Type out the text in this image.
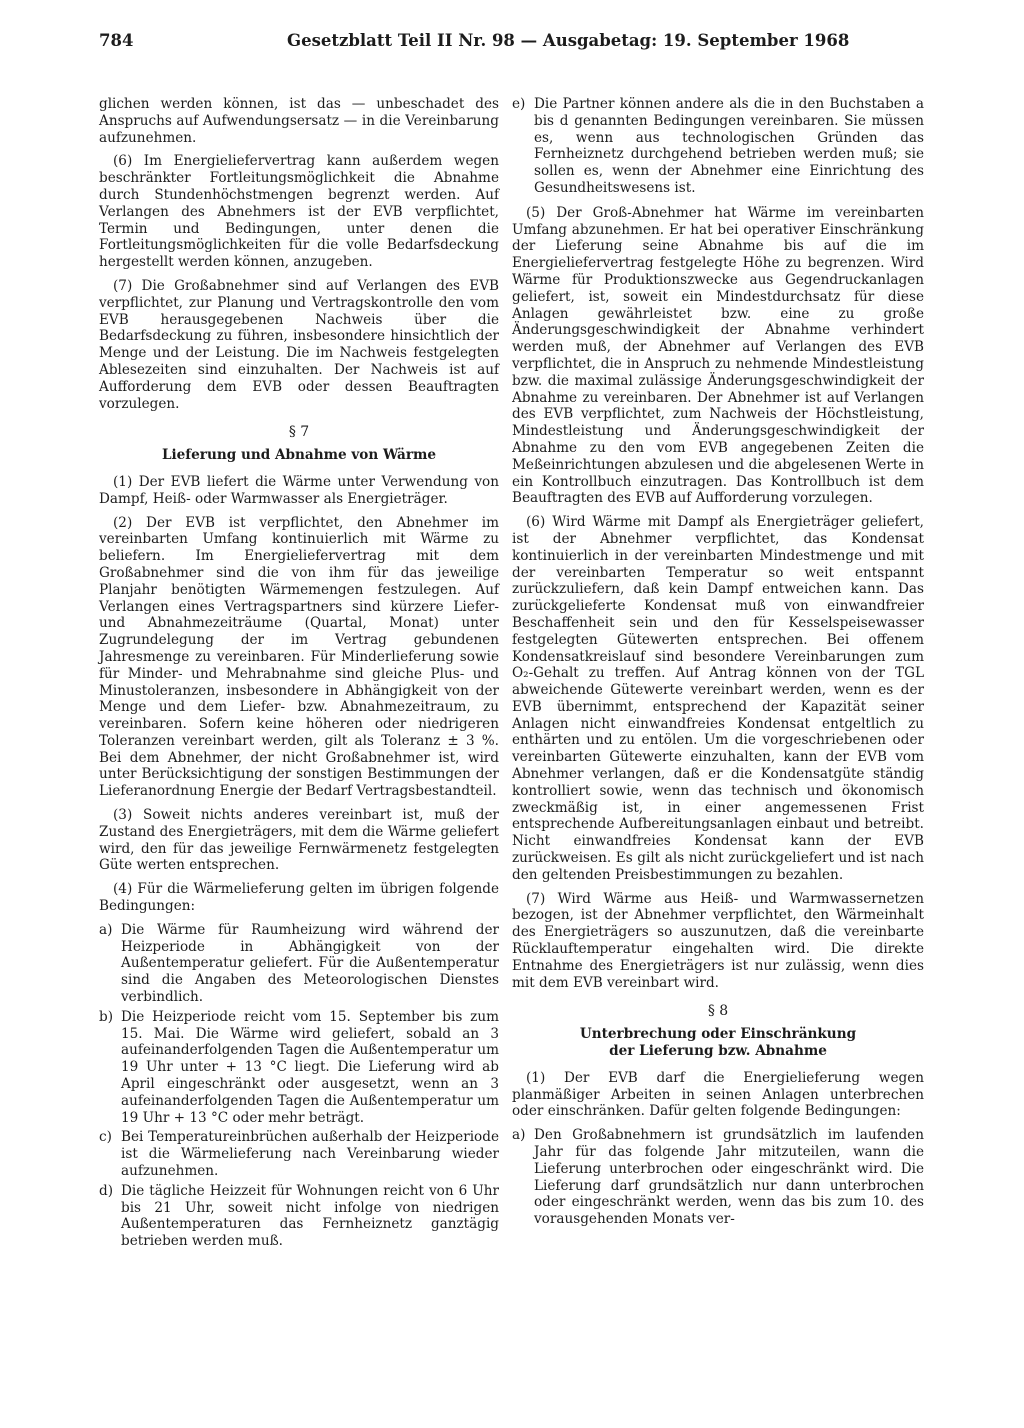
784	Gesetzblatt Teil II Nr. 98 — Ausgabetag: 19. September 1968

glichen werden können, ist das — unbeschadet des Anspruchs auf Aufwendungsersatz — in die Vereinbarung aufzunehmen.

(6) Im Energieliefervertrag kann außerdem wegen beschränkter Fortleitungsmöglichkeit die Abnahme durch Stundenhöchstmengen begrenzt werden. Auf Verlangen des Abnehmers ist der EVB verpflichtet, Termin und Bedingungen, unter denen die Fortleitungsmöglichkeiten für die volle Bedarfsdeckung hergestellt werden können, anzugeben.

(7) Die Großabnehmer sind auf Verlangen des EVB verpflichtet, zur Planung und Vertragskontrolle den vom EVB herausgegebenen Nachweis über die Bedarfsdeckung zu führen, insbesondere hinsichtlich der Menge und der Leistung. Die im Nachweis festgelegten Ablesezeiten sind einzuhalten. Der Nachweis ist auf Aufforderung dem EVB oder dessen Beauftragten vorzulegen.

§ 7
Lieferung und Abnahme von Wärme

(1) Der EVB liefert die Wärme unter Verwendung von Dampf, Heiß- oder Warmwasser als Energieträger.

(2) Der EVB ist verpflichtet, den Abnehmer im vereinbarten Umfang kontinuierlich mit Wärme zu beliefern. Im Energieliefervertrag mit dem Großabnehmer sind die von ihm für das jeweilige Planjahr benötigten Wärmemengen festzulegen. Auf Verlangen eines Vertragspartners sind kürzere Liefer- und Abnahmezeiträume (Quartal, Monat) unter Zugrundelegung der im Vertrag gebundenen Jahresmenge zu vereinbaren. Für Minderlieferung sowie für Minder- und Mehrabnahme sind gleiche Plus- und Minustoleranzen, insbesondere in Abhängigkeit von der Menge und dem Liefer- bzw. Abnahmezeitraum, zu vereinbaren. Sofern keine höheren oder niedrigeren Toleranzen vereinbart werden, gilt als Toleranz ± 3 %. Bei dem Abnehmer, der nicht Großabnehmer ist, wird unter Berücksichtigung der sonstigen Bestimmungen der Lieferanordnung Energie der Bedarf Vertragsbestandteil.

(3) Soweit nichts anderes vereinbart ist, muß der Zustand des Energieträgers, mit dem die Wärme geliefert wird, den für das jeweilige Fernwärmenetz festgelegten Güte werten entsprechen.

(4) Für die Wärmelieferung gelten im übrigen folgende Bedingungen:

a) Die Wärme für Raumheizung wird während der Heizperiode in Abhängigkeit von der Außentemperatur geliefert. Für die Außentemperatur sind die Angaben des Meteorologischen Dienstes verbindlich.
b) Die Heizperiode reicht vom 15. September bis zum 15. Mai. Die Wärme wird geliefert, sobald an 3 aufeinanderfolgenden Tagen die Außentemperatur um 19 Uhr unter + 13 °C liegt. Die Lieferung wird ab April eingeschränkt oder ausgesetzt, wenn an 3 aufeinanderfolgenden Tagen die Außentemperatur um 19 Uhr + 13 °C oder mehr beträgt.
c) Bei Temperatureinbrüchen außerhalb der Heizperiode ist die Wärmelieferung nach Vereinbarung wieder aufzunehmen.
d) Die tägliche Heizzeit für Wohnungen reicht von 6 Uhr bis 21 Uhr, soweit nicht infolge von niedrigen Außentemperaturen das Fernheiznetz ganztägig betrieben werden muß.
e) Die Partner können andere als die in den Buchstaben a bis d genannten Bedingungen vereinbaren. Sie müssen es, wenn aus technologischen Gründen das Fernheiznetz durchgehend betrieben werden muß; sie sollen es, wenn der Abnehmer eine Einrichtung des Gesundheitswesens ist.

(5) Der Groß-Abnehmer hat Wärme im vereinbarten Umfang abzunehmen. Er hat bei operativer Einschränkung der Lieferung seine Abnahme bis auf die im Energieliefervertrag festgelegte Höhe zu begrenzen. Wird Wärme für Produktionszwecke aus Gegendruckanlagen geliefert, ist, soweit ein Mindestdurchsatz für diese Anlagen gewährleistet bzw. eine zu große Änderungsgeschwindigkeit der Abnahme verhindert werden muß, der Abnehmer auf Verlangen des EVB verpflichtet, die in Anspruch zu nehmende Mindestleistung bzw. die maximal zulässige Änderungsgeschwindigkeit der Abnahme zu vereinbaren. Der Abnehmer ist auf Verlangen des EVB verpflichtet, zum Nachweis der Höchstleistung, Mindestleistung und Änderungsgeschwindigkeit der Abnahme zu den vom EVB angegebenen Zeiten die Meßeinrichtungen abzulesen und die abgelesenen Werte in ein Kontrollbuch einzutragen. Das Kontrollbuch ist dem Beauftragten des EVB auf Aufforderung vorzulegen.

(6) Wird Wärme mit Dampf als Energieträger geliefert, ist der Abnehmer verpflichtet, das Kondensat kontinuierlich in der vereinbarten Mindestmenge und mit der vereinbarten Temperatur so weit entspannt zurückzuliefern, daß kein Dampf entweichen kann. Das zurückgelieferte Kondensat muß von einwandfreier Beschaffenheit sein und den für Kesselspeisewasser festgelegten Gütewerten entsprechen. Bei offenem Kondensatkreislauf sind besondere Vereinbarungen zum O₂-Gehalt zu treffen. Auf Antrag können von der TGL abweichende Gütewerte vereinbart werden, wenn es der EVB übernimmt, entsprechend der Kapazität seiner Anlagen nicht einwandfreies Kondensat entgeltlich zu enthärten und zu entölen. Um die vorgeschriebenen oder vereinbarten Gütewerte einzuhalten, kann der EVB vom Abnehmer verlangen, daß er die Kondensatgüte ständig kontrolliert sowie, wenn das technisch und ökonomisch zweckmäßig ist, in einer angemessenen Frist entsprechende Aufbereitungsanlagen einbaut und betreibt. Nicht einwandfreies Kondensat kann der EVB zurückweisen. Es gilt als nicht zurückgeliefert und ist nach den geltenden Preisbestimmungen zu bezahlen.

(7) Wird Wärme aus Heiß- und Warmwassernetzen bezogen, ist der Abnehmer verpflichtet, den Wärmeinhalt des Energieträgers so auszunutzen, daß die vereinbarte Rücklauftemperatur eingehalten wird. Die direkte Entnahme des Energieträgers ist nur zulässig, wenn dies mit dem EVB vereinbart wird.

§ 8
Unterbrechung oder Einschränkung
der Lieferung bzw. Abnahme

(1) Der EVB darf die Energielieferung wegen planmäßiger Arbeiten in seinen Anlagen unterbrechen oder einschränken. Dafür gelten folgende Bedingungen:

a) Den Großabnehmern ist grundsätzlich im laufenden Jahr für das folgende Jahr mitzuteilen, wann die Lieferung unterbrochen oder eingeschränkt wird. Die Lieferung darf grundsätzlich nur dann unterbrochen oder eingeschränkt werden, wenn das bis zum 10. des vorausgehenden Monats ver-
